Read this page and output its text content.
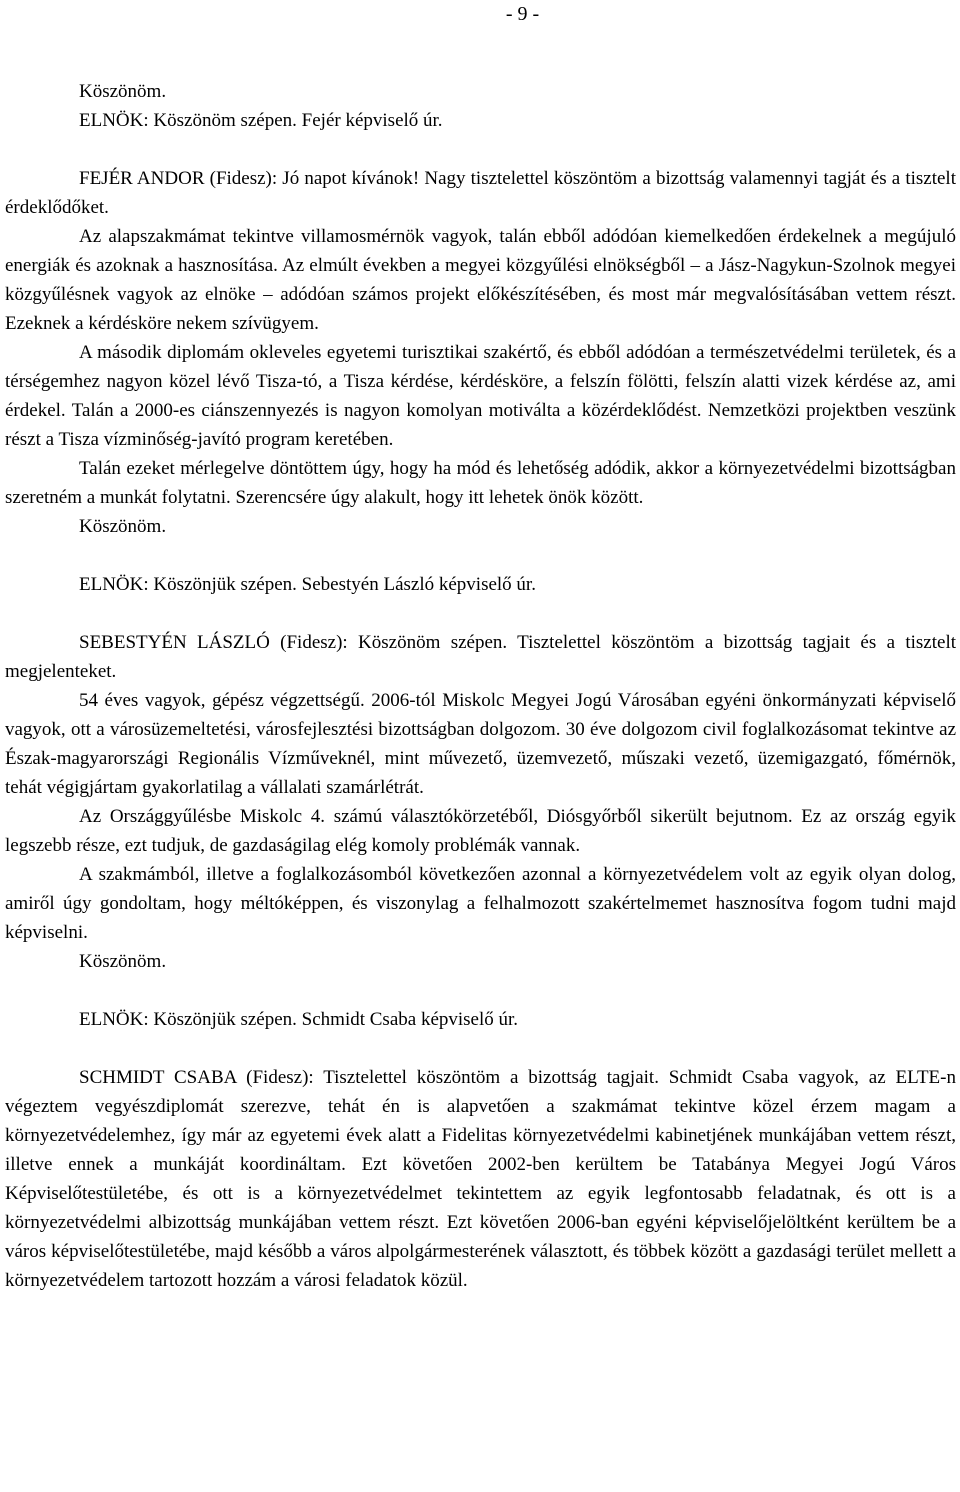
- 9 -

Köszönöm.

ELNÖK: Köszönöm szépen. Fejér képviselő úr.

FEJÉR ANDOR (Fidesz): Jó napot kívánok! Nagy tisztelettel köszöntöm a bizottság valamennyi tagját és a tisztelt érdeklődőket.

Az alapszakmámat tekintve villamosmérnök vagyok, talán ebből adódóan kiemelkedően érdekelnek a megújuló energiák és azoknak a hasznosítása. Az elmúlt években a megyei közgyűlési elnökségből – a Jász-Nagykun-Szolnok megyei közgyűlésnek vagyok az elnöke – adódóan számos projekt előkészítésében, és most már megvalósításában vettem részt. Ezeknek a kérdésköre nekem szívügyem.

A második diplomám okleveles egyetemi turisztikai szakértő, és ebből adódóan a természetvédelmi területek, és a térségemhez nagyon közel lévő Tisza-tó, a Tisza kérdése, kérdésköre, a felszín fölötti, felszín alatti vizek kérdése az, ami érdekel. Talán a 2000-es ciánszennyezés is nagyon komolyan motiválta a közérdeklődést. Nemzetközi projektben veszünk részt a Tisza vízminőség-javító program keretében.

Talán ezeket mérlegelve döntöttem úgy, hogy ha mód és lehetőség adódik, akkor a környezetvédelmi bizottságban szeretném a munkát folytatni. Szerencsére úgy alakult, hogy itt lehetek önök között.

Köszönöm.

ELNÖK: Köszönjük szépen. Sebestyén László képviselő úr.

SEBESTYÉN LÁSZLÓ (Fidesz): Köszönöm szépen. Tisztelettel köszöntöm a bizottság tagjait és a tisztelt megjelenteket.

54 éves vagyok, gépész végzettségű. 2006-tól Miskolc Megyei Jogú Városában egyéni önkormányzati képviselő vagyok, ott a városüzemeltetési, városfejlesztési bizottságban dolgozom. 30 éve dolgozom civil foglalkozásomat tekintve az Észak-magyarországi Regionális Vízműveknél, mint művezető, üzemvezető, műszaki vezető, üzemigazgató, főmérnök, tehát végigjártam gyakorlatilag a vállalati szamárlétrát.

Az Országgyűlésbe Miskolc 4. számú választókörzetéből, Diósgyőrből sikerült bejutnom. Ez az ország egyik legszebb része, ezt tudjuk, de gazdaságilag elég komoly problémák vannak.

A szakmámból, illetve a foglalkozásomból következően azonnal a környezetvédelem volt az egyik olyan dolog, amiről úgy gondoltam, hogy méltóképpen, és viszonylag a felhalmozott szakértelmemet hasznosítva fogom tudni majd képviselni.

Köszönöm.

ELNÖK: Köszönjük szépen. Schmidt Csaba képviselő úr.

SCHMIDT CSABA (Fidesz): Tisztelettel köszöntöm a bizottság tagjait. Schmidt Csaba vagyok, az ELTE-n végeztem vegyészdiplomát szerezve, tehát én is alapvetően a szakmámat tekintve közel érzem magam a környezetvédelemhez, így már az egyetemi évek alatt a Fidelitas környezetvédelmi kabinetjének munkájában vettem részt, illetve ennek a munkáját koordináltam. Ezt követően 2002-ben kerültem be Tatabánya Megyei Jogú Város Képviselőtestületébe, és ott is a környezetvédelmet tekintettem az egyik legfontosabb feladatnak, és ott is a környezetvédelmi albizottság munkájában vettem részt. Ezt követően 2006-ban egyéni képviselőjelöltként kerültem be a város képviselőtestületébe, majd később a város alpolgármesterének választott, és többek között a gazdasági terület mellett a környezetvédelem tartozott hozzám a városi feladatok közül.
